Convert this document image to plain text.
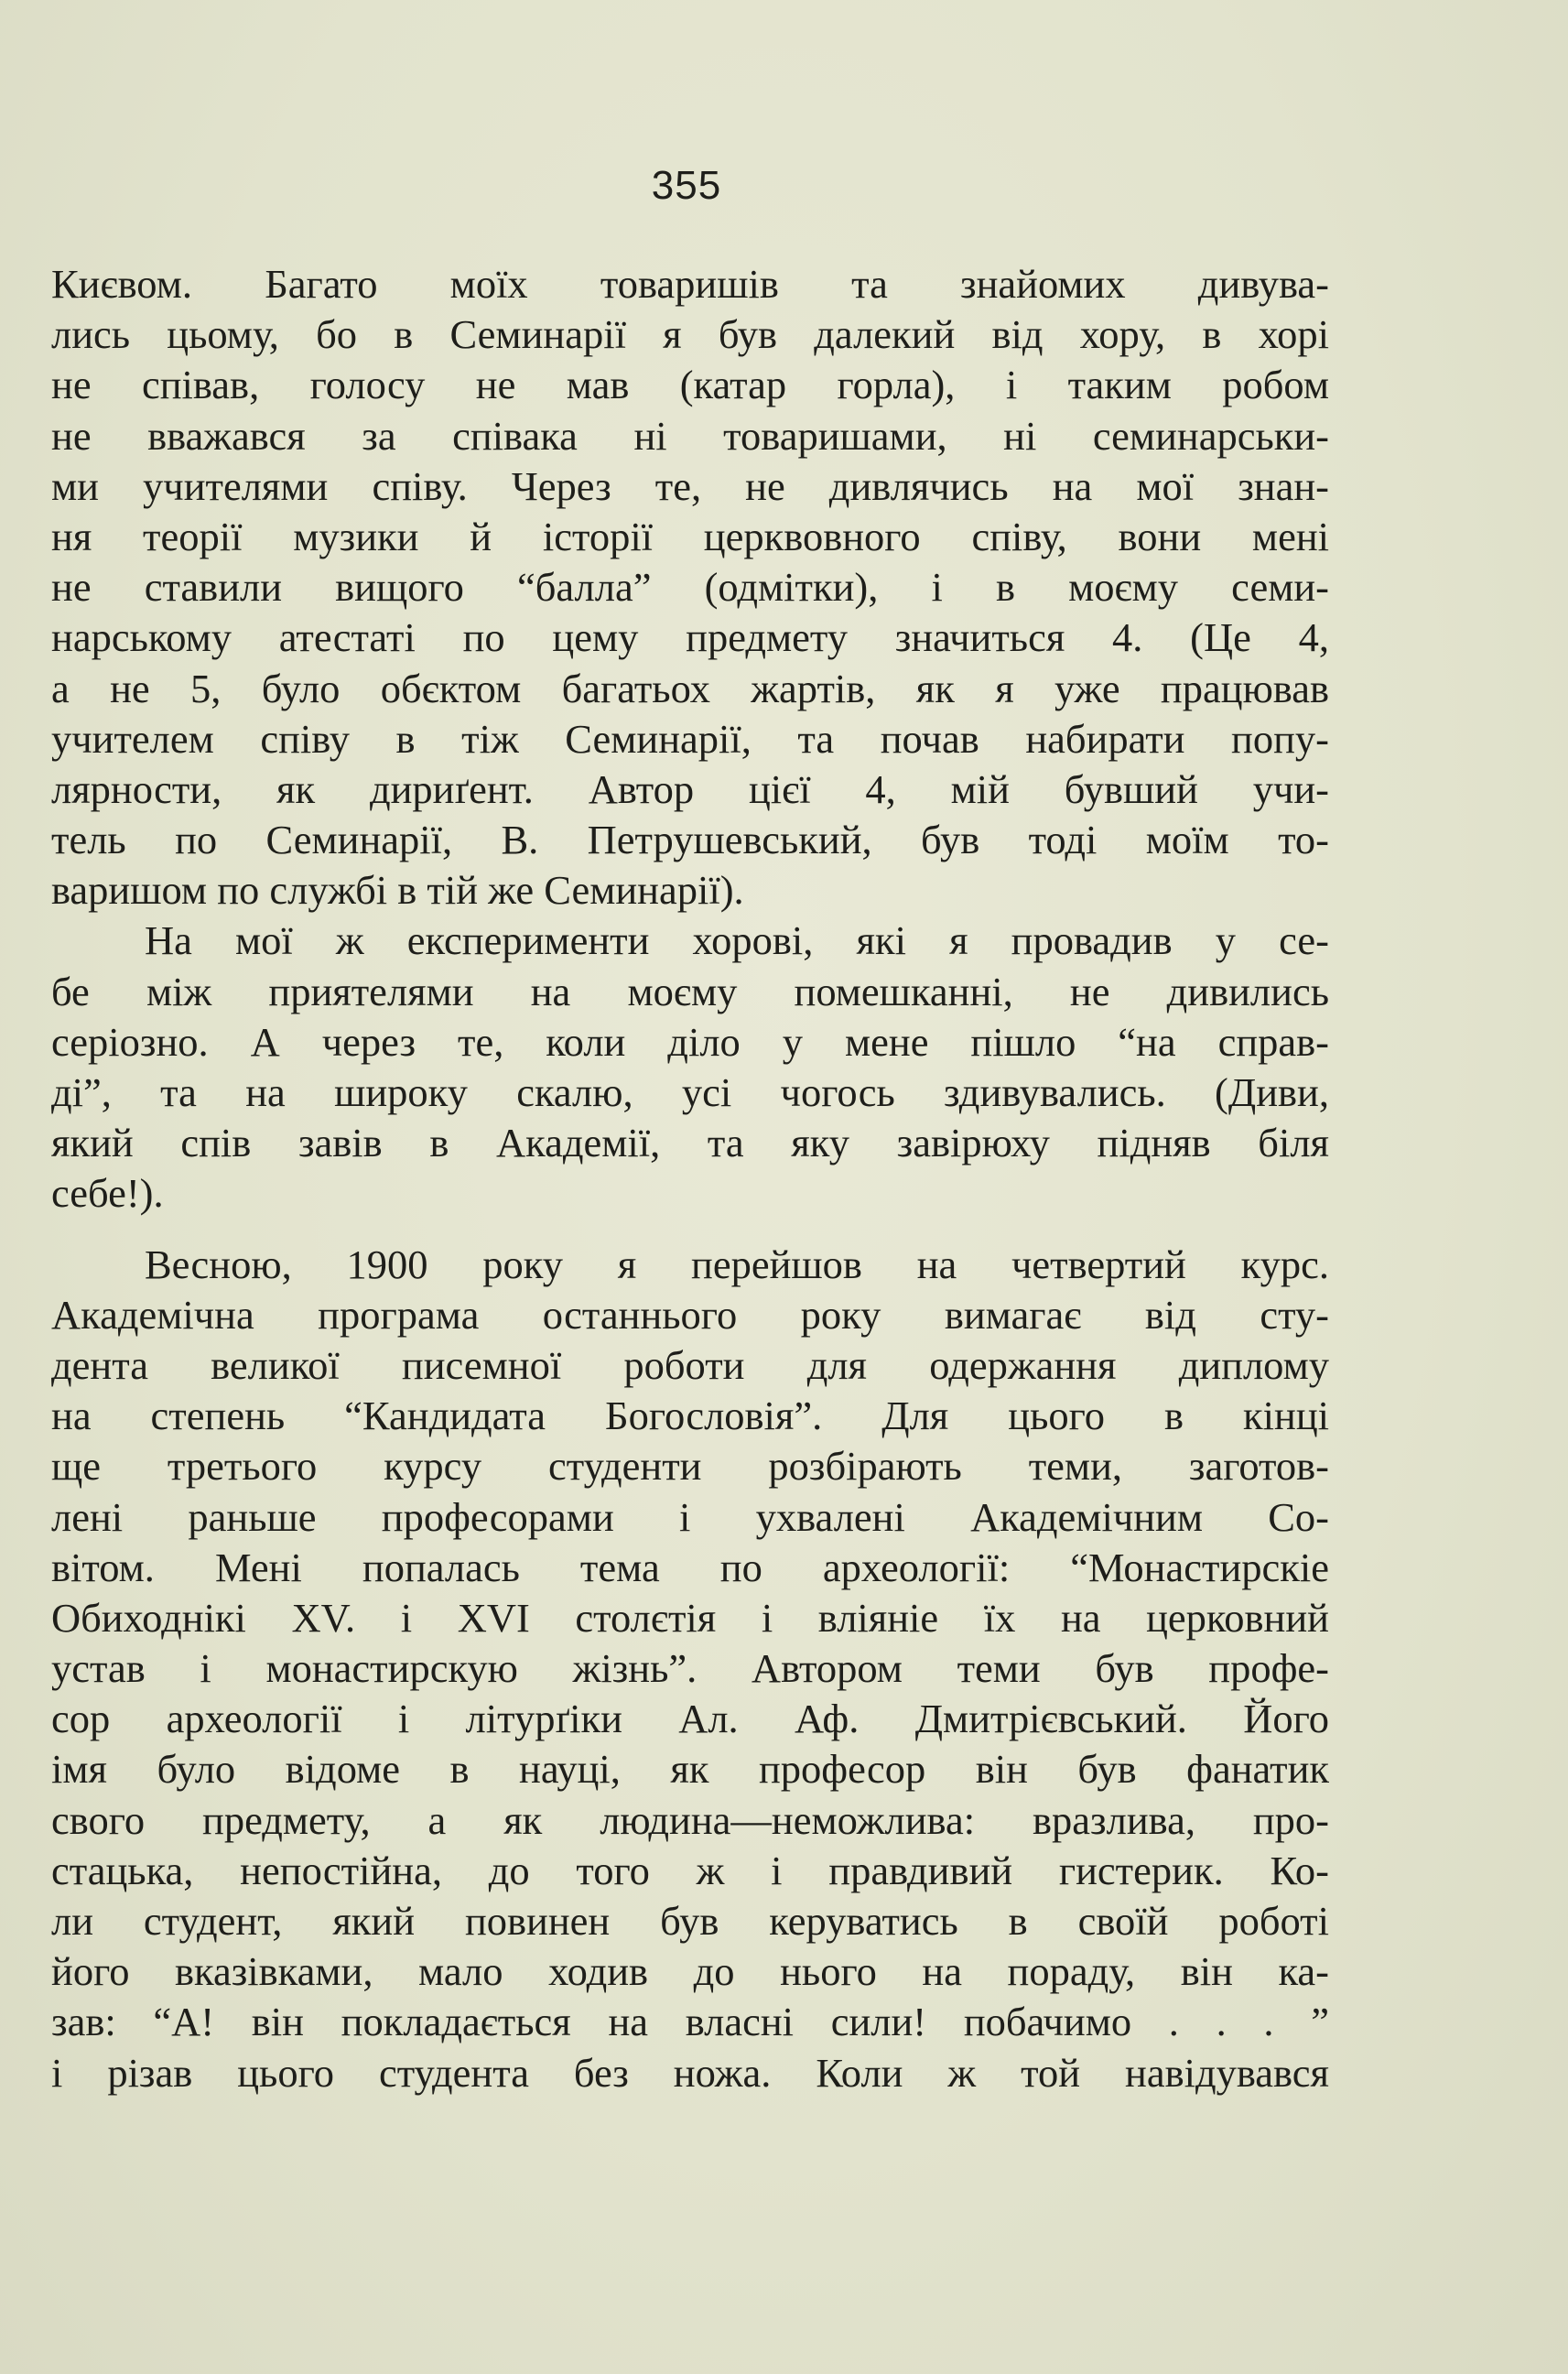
355
Києвом. Багато моїх товаришів та знайомих дивува-
лись цьому, бо в Семинарії я був далекий від хору, в хорі
не співав, голосу не мав (катар горла), і таким робом
не вважався за співака ні товаришами, ні семинарськи-
ми учителями співу. Через те, не дивлячись на мої знан-
ня теорії музики й історії церквовного співу, вони мені
не ставили вищого “балла” (одмітки), і в моєму семи-
нарському атестаті по цему предмету значиться 4. (Це 4,
а не 5, було обєктом багатьох жартів, як я уже працював
учителем співу в тіж Семинарії, та почав набирати попу-
лярности, як дириґент. Автор цієї 4, мій бувший учи-
тель по Семинарії, В. Петрушевський, був тоді моїм то-
варишом по службі в тій же Семинарії).
На мої ж експерименти хорові, які я провадив у се-
бе між приятелями на моєму помешканні, не дивились
серіозно. А через те, коли діло у мене пішло “на справ-
ді”, та на широку скалю, усі чогось здивувались. (Диви,
який спів завів в Академії, та яку завірюху підняв біля
себе!).
Весною, 1900 року я перейшов на четвертий курс.
Академічна програма останнього року вимагає від сту-
дента великої писемної роботи для одержання диплому
на степень “Кандидата Богословія”. Для цього в кінці
ще третього курсу студенти розбірають теми, заготов-
лені раньше професорами і ухвалені Академічним Со-
вітом. Мені попалась тема по археології: “Монастирскіе
Обиходнікі XV. і XVI столєтія і вліяніе їх на церковний
устав і монастирскую жізнь”. Автором теми був профе-
сор археології і літурґіки Ал. Аф. Дмитрієвський. Його
імя було відоме в науці, як професор він був фанатик
свого предмету, а як людина—неможлива: вразлива, про-
стацька, непостійна, до того ж і правдивий гистерик. Ко-
ли студент, який повинен був керуватись в своїй роботі
його вказівками, мало ходив до нього на пораду, він ка-
зав: “А! він покладається на власні сили! побачимо . . . ”
і різав цього студента без ножа. Коли ж той навідувався
